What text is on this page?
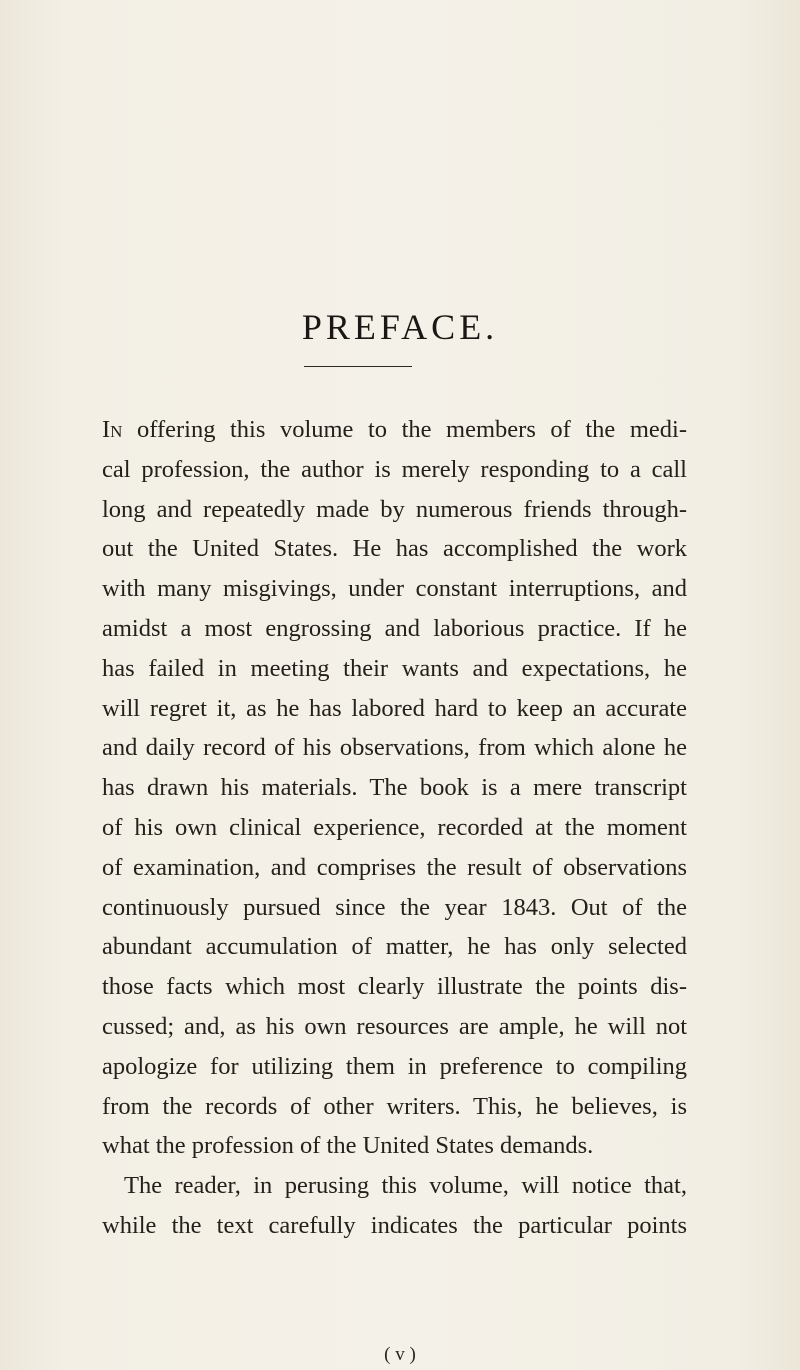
PREFACE.
In offering this volume to the members of the medi-
cal profession, the author is merely responding to a call
long and repeatedly made by numerous friends through-
out the United States. He has accomplished the work
with many misgivings, under constant interruptions, and
amidst a most engrossing and laborious practice. If he
has failed in meeting their wants and expectations, he
will regret it, as he has labored hard to keep an accurate
and daily record of his observations, from which alone he
has drawn his materials. The book is a mere transcript
of his own clinical experience, recorded at the moment
of examination, and comprises the result of observations
continuously pursued since the year 1843. Out of the
abundant accumulation of matter, he has only selected
those facts which most clearly illustrate the points dis-
cussed; and, as his own resources are ample, he will not
apologize for utilizing them in preference to compiling
from the records of other writers. This, he believes, is
what the profession of the United States demands.
The reader, in perusing this volume, will notice that,
while the text carefully indicates the particular points
( v )
